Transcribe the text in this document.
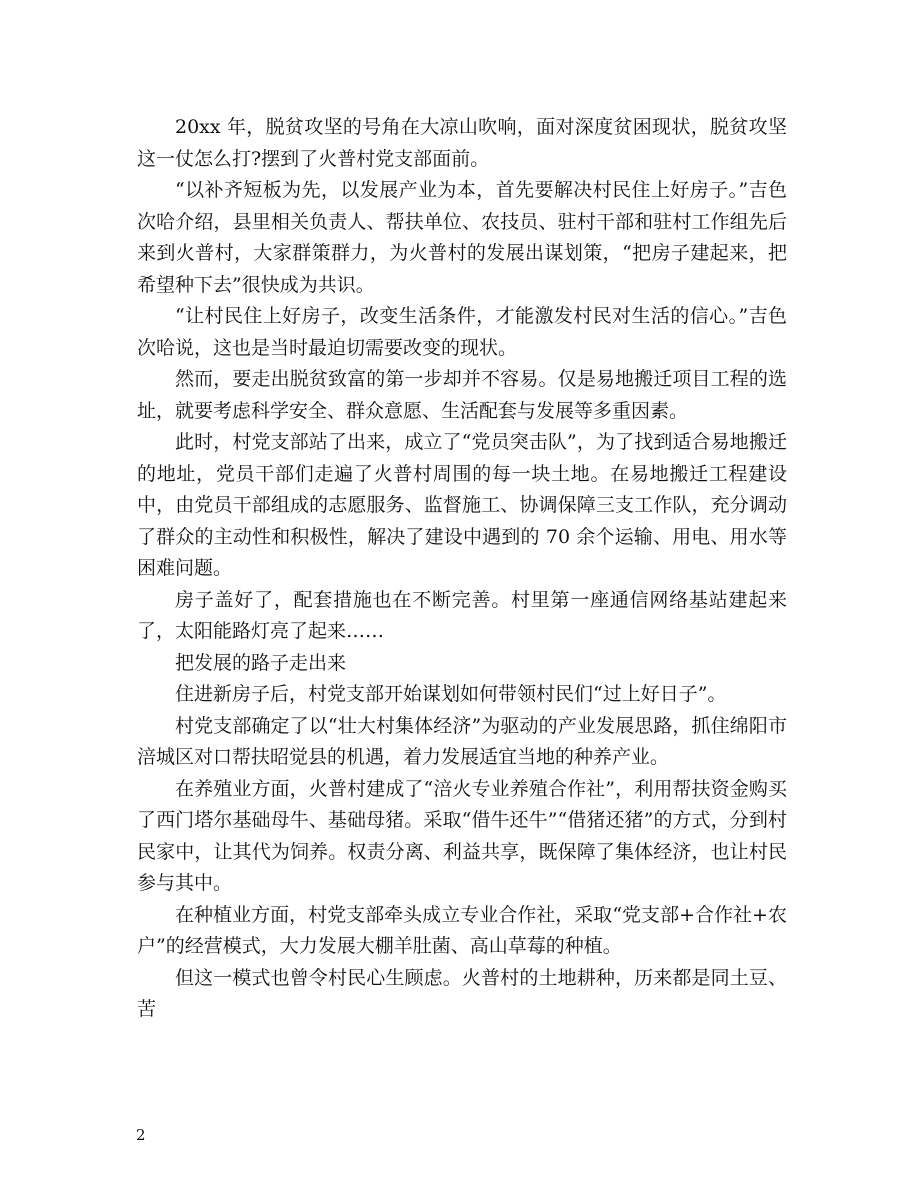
20xx 年，脱贫攻坚的号角在大凉山吹响，面对深度贫困现状，脱贫攻坚这一仗怎么打?摆到了火普村党支部面前。

“以补齐短板为先，以发展产业为本，首先要解决村民住上好房子。”吉色次哈介绍，县里相关负责人、帮扶单位、农技员、驻村干部和驻村工作组先后来到火普村，大家群策群力，为火普村的发展出谋划策，“把房子建起来，把希望种下去”很快成为共识。

“让村民住上好房子，改变生活条件，才能激发村民对生活的信心。”吉色次哈说，这也是当时最迫切需要改变的现状。

然而，要走出脱贫致富的第一步却并不容易。仅是易地搬迁项目工程的选址，就要考虑科学安全、群众意愿、生活配套与发展等多重因素。

此时，村党支部站了出来，成立了“党员突击队”，为了找到适合易地搬迁的地址，党员干部们走遍了火普村周围的每一块土地。在易地搬迁工程建设中，由党员干部组成的志愿服务、监督施工、协调保障三支工作队，充分调动了群众的主动性和积极性，解决了建设中遇到的 70 余个运输、用电、用水等困难问题。

房子盖好了，配套措施也在不断完善。村里第一座通信网络基站建起来了，太阳能路灯亮了起来……

把发展的路子走出来

住进新房子后，村党支部开始谋划如何带领村民们“过上好日子”。

村党支部确定了以“壮大村集体经济”为驱动的产业发展思路，抓住绵阳市涪城区对口帮扶昭觉县的机遇，着力发展适宜当地的种养产业。

在养殖业方面，火普村建成了“涪火专业养殖合作社”，利用帮扶资金购买了西门塔尔基础母牛、基础母猪。采取“借牛还牛”“借猪还猪”的方式，分到村民家中，让其代为饲养。权责分离、利益共享，既保障了集体经济，也让村民参与其中。

在种植业方面，村党支部牵头成立专业合作社，采取“党支部+合作社+农户”的经营模式，大力发展大棚羊肚菌、高山草莓的种植。

但这一模式也曾令村民心生顾虑。火普村的土地耕种，历来都是同土豆、苦

2
